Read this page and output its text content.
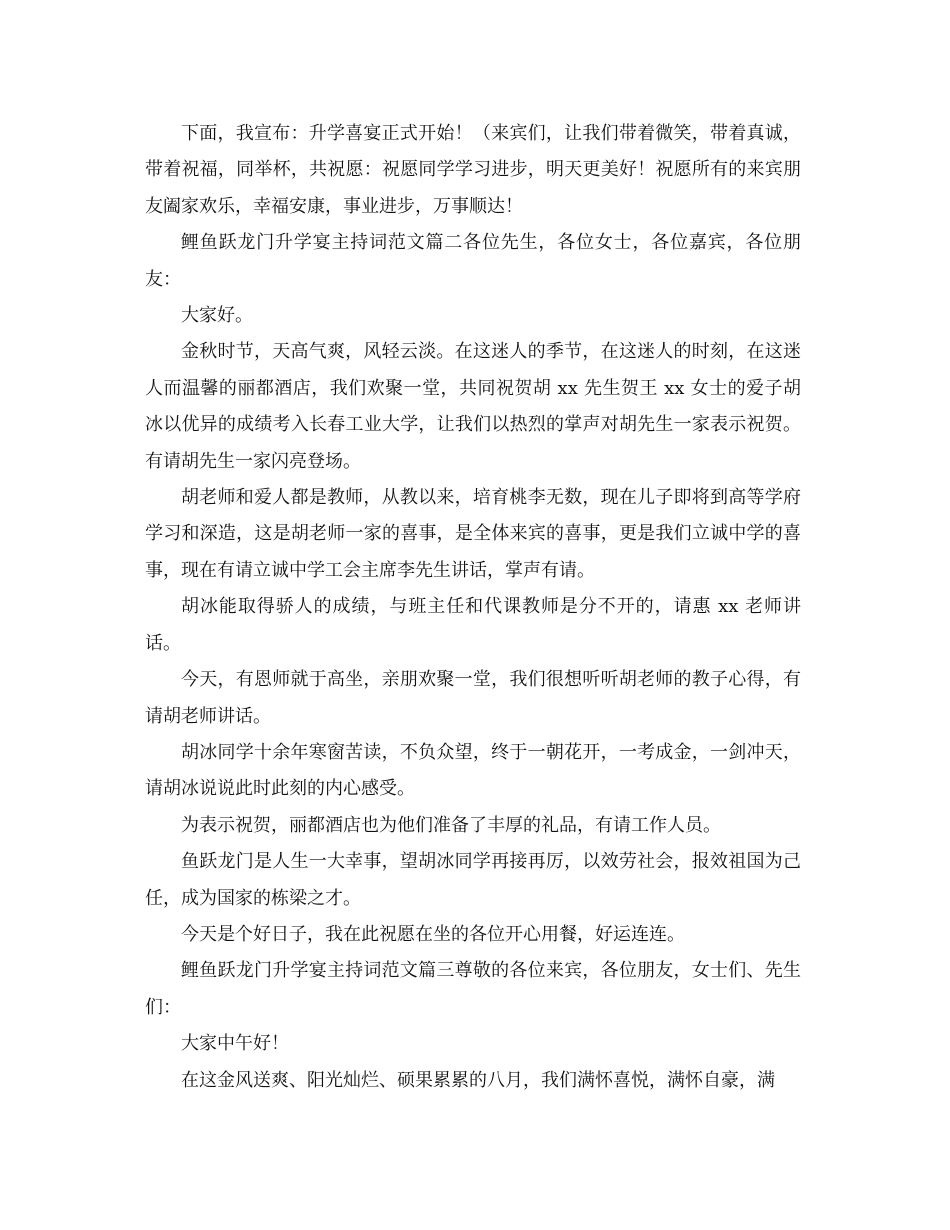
下面，我宣布：升学喜宴正式开始！（来宾们，让我们带着微笑，带着真诚，带着祝福，同举杯，共祝愿：祝愿同学学习进步，明天更美好！祝愿所有的来宾朋友阖家欢乐，幸福安康，事业进步，万事顺达！

鲤鱼跃龙门升学宴主持词范文篇二各位先生，各位女士，各位嘉宾，各位朋友：

大家好。

金秋时节，天高气爽，风轻云淡。在这迷人的季节，在这迷人的时刻，在这迷人而温馨的丽都酒店，我们欢聚一堂，共同祝贺胡 xx 先生贺王 xx 女士的爱子胡冰以优异的成绩考入长春工业大学，让我们以热烈的掌声对胡先生一家表示祝贺。有请胡先生一家闪亮登场。

胡老师和爱人都是教师，从教以来，培育桃李无数，现在儿子即将到高等学府学习和深造，这是胡老师一家的喜事，是全体来宾的喜事，更是我们立诚中学的喜事，现在有请立诚中学工会主席李先生讲话，掌声有请。

胡冰能取得骄人的成绩，与班主任和代课教师是分不开的，请惠 xx 老师讲话。

今天，有恩师就于高坐，亲朋欢聚一堂，我们很想听听胡老师的教子心得，有请胡老师讲话。

胡冰同学十余年寒窗苦读，不负众望，终于一朝花开，一考成金，一剑冲天，请胡冰说说此时此刻的内心感受。

为表示祝贺，丽都酒店也为他们准备了丰厚的礼品，有请工作人员。

鱼跃龙门是人生一大幸事，望胡冰同学再接再厉，以效劳社会，报效祖国为己任，成为国家的栋梁之才。

今天是个好日子，我在此祝愿在坐的各位开心用餐，好运连连。

鲤鱼跃龙门升学宴主持词范文篇三尊敬的各位来宾，各位朋友，女士们、先生们：

大家中午好！

在这金风送爽、阳光灿烂、硕果累累的八月，我们满怀喜悦，满怀自豪，满
